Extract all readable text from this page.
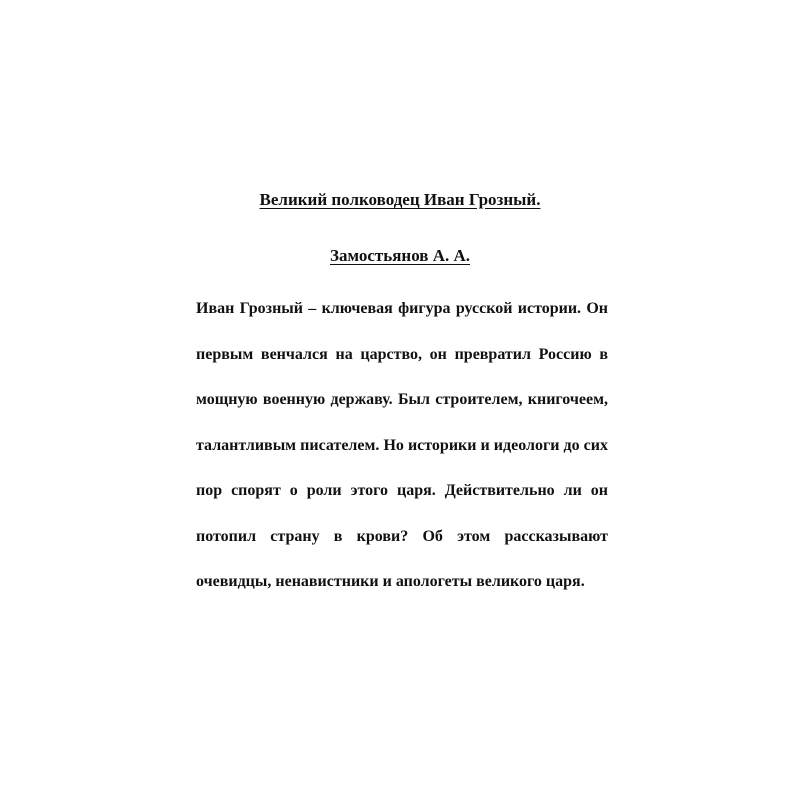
Великий полководец Иван Грозный.
Замостьянов А. А.
Иван Грозный – ключевая фигура русской истории. Он
первым венчался на царство, он превратил Россию в
мощную военную державу. Был строителем, книгочеем,
талантливым писателем. Но историки и идеологи до сих
пор спорят о роли этого царя. Действительно ли он
потопил страну в крови? Об этом рассказывают
очевидцы, ненавистники и апологеты великого царя.
